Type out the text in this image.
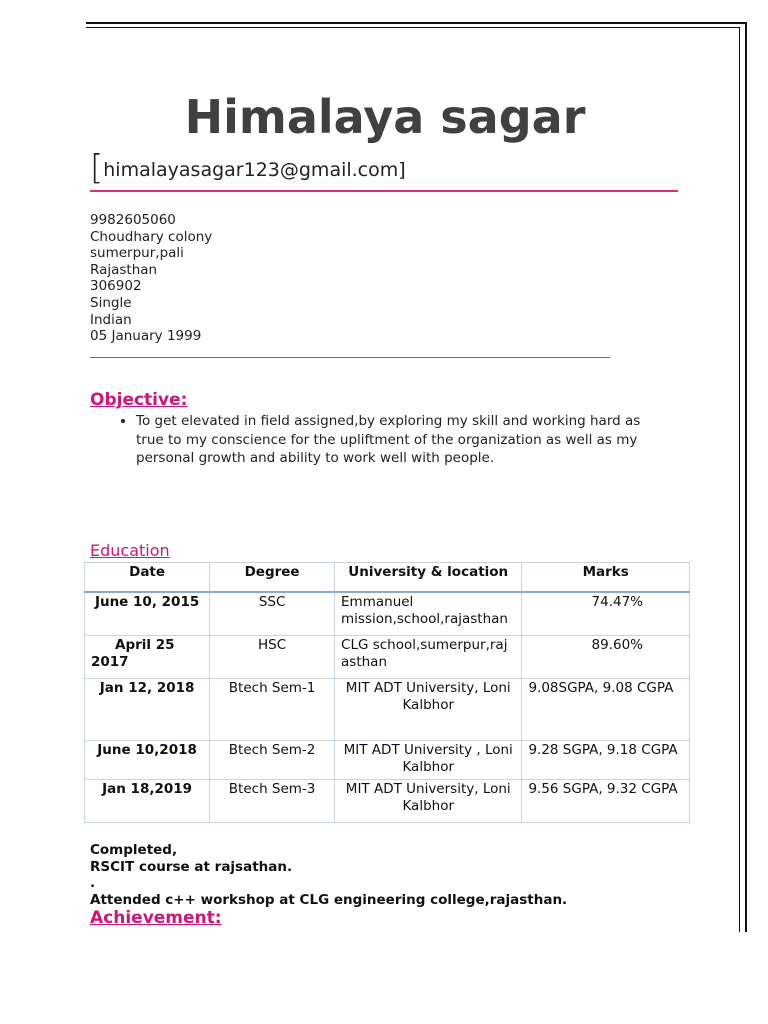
Himalaya sagar
[himalayasagar123@gmail.com]
9982605060
Choudhary colony
sumerpur,pali
Rajasthan
306902
Single
Indian
05 January 1999
Objective:
• To get elevated in field assigned,by exploring my skill and working hard as true to my conscience for the upliftment of the organization as well as my personal growth and ability to work well with people.
Education
Date	Degree	University & location	Marks
June 10, 2015	SSC	Emmanuel mission,school,rajasthan	74.47%

April 25 2017	HSC	CLG school,sumerpur,rajasthan	89.60%
Jan 12, 2018	Btech Sem-1	MIT ADT University, Loni Kalbhor	9.08SGPA, 9.08 CGPA
June 10,2018	Btech Sem-2	MIT ADT University , Loni Kalbhor	9.28 SGPA, 9.18 CGPA
Jan 18,2019	Btech Sem-3	MIT ADT University, Loni Kalbhor	9.56 SGPA, 9.32 CGPA
Completed,
RSCIT course at rajsathan.
.
Attended c++ workshop at CLG engineering college,rajasthan.
Achievement:
